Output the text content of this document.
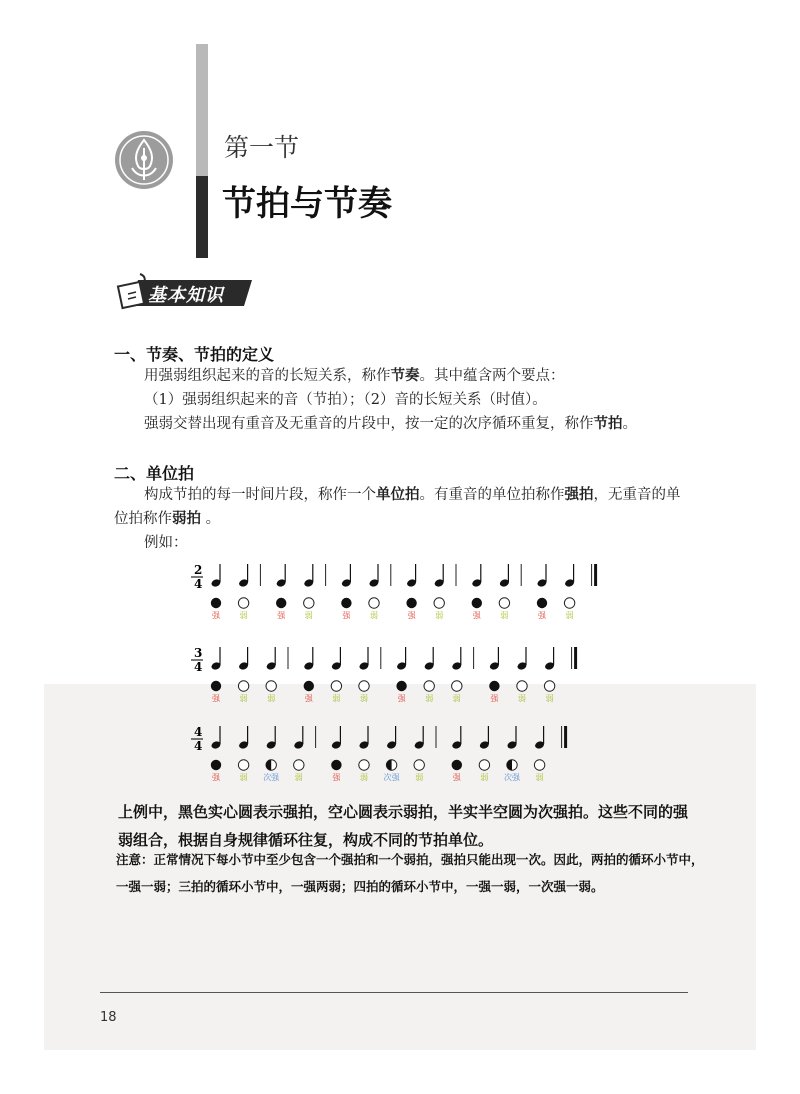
第一节
节拍与节奏
基本知识
一、节奏、节拍的定义
用强弱组织起来的音的长短关系，称作节奏。其中蕴含两个要点：
（1）强弱组织起来的音（节拍）；（2）音的长短关系（时值）。
强弱交替出现有重音及无重音的片段中，按一定的次序循环重复，称作节拍。
二、单位拍
构成节拍的每一时间片段，称作一个单位拍。有重音的单位拍称作强拍，无重音的单
位拍称作弱拍 。
例如：
2
4
强 弱	强 弱	强 弱	强 弱	强 弱	强 弱
3
4
强 弱 弱	强 弱 弱	强 弱 弱	强 弱 弱
4
4
强 弱 次强 弱	强 弱 次强 弱	强 弱 次强 弱
上例中，黑色实心圆表示强拍，空心圆表示弱拍，半实半空圆为次强拍。这些不同的强弱组合，根据自身规律循环往复，构成不同的节拍单位。
注意：正常情况下每小节中至少包含一个强拍和一个弱拍，强拍只能出现一次。因此，两拍的循环小节中，一强一弱；三拍的循环小节中，一强两弱；四拍的循环小节中，一强一弱，一次强一弱。
18
